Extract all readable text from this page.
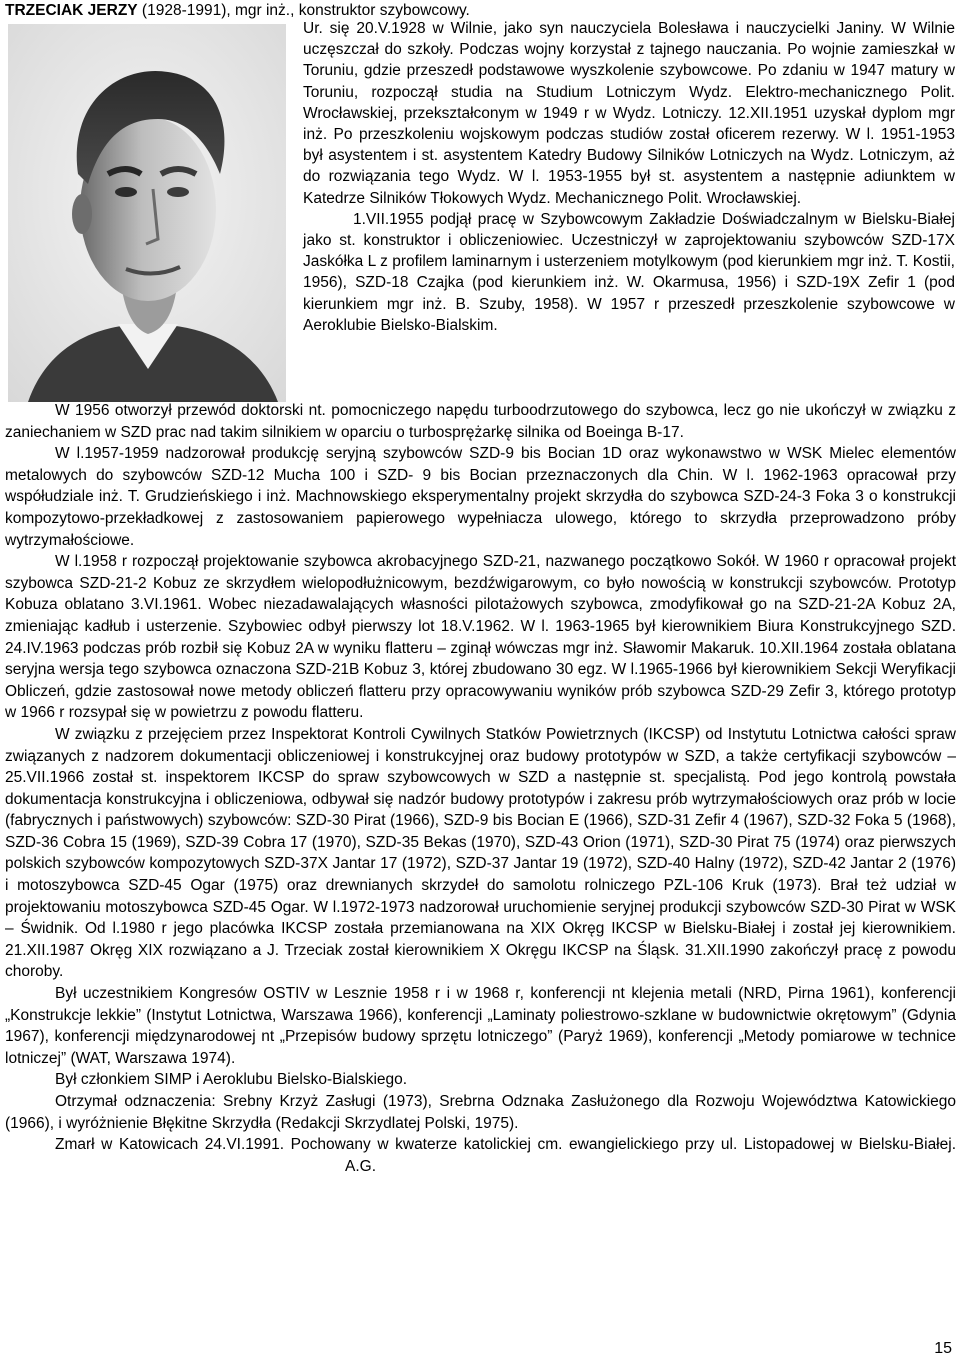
TRZECIAK JERZY (1928-1991), mgr inż., konstruktor szybowcowy.

Ur. się 20.V.1928 w Wilnie, jako syn nauczyciela Bolesława i nauczycielki Janiny. W Wilnie uczęszczał do szkoły. Podczas wojny korzystał z tajnego nauczania. Po wojnie zamieszkał w Toruniu, gdzie przeszedł podstawowe wyszkolenie szybowcowe. Po zdaniu w 1947 matury w Toruniu, rozpoczął studia na Studium Lotniczym Wydz. Elektro-mechanicznego Polit. Wrocławskiej, przekształconym w 1949 r w Wydz. Lotniczy. 12.XII.1951 uzyskał dyplom mgr inż. Po przeszkoleniu wojskowym podczas studiów został oficerem rezerwy. W l. 1951-1953 był asystentem i st. asystentem Katedry Budowy Silników Lotniczych na Wydz. Lotniczym, aż do rozwiązania tego Wydz. W l. 1953-1955 był st. asystentem a następnie adiunktem w Katedrze Silników Tłokowych Wydz. Mechanicznego Polit. Wrocławskiej.

1.VII.1955 podjął pracę w Szybowcowym Zakładzie Doświadczalnym w Bielsku-Białej jako st. konstruktor i obliczeniowiec. Uczestniczył w zaprojektowaniu szybowców SZD-17X Jaskółka L z profilem laminarnym i usterzeniem motylkowym (pod kierunkiem mgr inż. T. Kostii, 1956), SZD-18 Czajka (pod kierunkiem inż. W. Okarmusa, 1956) i SZD-19X Zefir 1 (pod kierunkiem mgr inż. B. Szuby, 1958). W 1957 r przeszedł przeszkolenie szybowcowe w Aeroklubie Bielsko-Bialskim.

W 1956 otworzył przewód doktorski nt. pomocniczego napędu turboodrzutowego do szybowca, lecz go nie ukończył w związku z zaniechaniem w SZD prac nad takim silnikiem w oparciu o turbosprężarkę silnika od Boeinga B-17.

W l.1957-1959 nadzorował produkcję seryjną szybowców SZD-9 bis Bocian 1D oraz wykonawstwo w WSK Mielec elementów metalowych do szybowców SZD-12 Mucha 100 i SZD- 9 bis Bocian przeznaczonych dla Chin. W l. 1962-1963 opracował przy współudziale inż. T. Grudzieńskiego i inż. Machnowskiego eksperymentalny projekt skrzydła do szybowca SZD-24-3 Foka 3 o konstrukcji kompozytowo-przekładkowej z zastosowaniem papierowego wypełniacza ulowego, którego to skrzydła przeprowadzono próby wytrzymałościowe.

W l.1958 r rozpoczął projektowanie szybowca akrobacyjnego SZD-21, nazwanego początkowo Sokół. W 1960 r opracował projekt szybowca SZD-21-2 Kobuz ze skrzydłem wielopodłużnicowym, bezdźwigarowym, co było nowością w konstrukcji szybowców. Prototyp Kobuza oblatano 3.VI.1961. Wobec niezadawalających własności pilotażowych szybowca, zmodyfikował go na SZD-21-2A Kobuz 2A, zmieniając kadłub i usterzenie. Szybowiec odbył pierwszy lot 18.V.1962. W l. 1963-1965 był kierownikiem Biura Konstrukcyjnego SZD. 24.IV.1963 podczas prób rozbił się Kobuz 2A w wyniku flatteru – zginął wówczas mgr inż. Sławomir Makaruk. 10.XII.1964 została oblatana seryjna wersja tego szybowca oznaczona SZD-21B Kobuz 3, której zbudowano 30 egz. W l.1965-1966 był kierownikiem Sekcji Weryfikacji Obliczeń, gdzie zastosował nowe metody obliczeń flatteru przy opracowywaniu wyników prób szybowca SZD-29 Zefir 3, którego prototyp w 1966 r rozsypał się w powietrzu z powodu flatteru.

W związku z przejęciem przez Inspektorat Kontroli Cywilnych Statków Powietrznych (IKCSP) od Instytutu Lotnictwa całości spraw związanych z nadzorem dokumentacji obliczeniowej i konstrukcyjnej oraz budowy prototypów w SZD, a także certyfikacji szybowców – 25.VII.1966 został st. inspektorem IKCSP do spraw szybowcowych w SZD a następnie st. specjalistą. Pod jego kontrolą powstała dokumentacja konstrukcyjna i obliczeniowa, odbywał się nadzór budowy prototypów i zakresu prób wytrzymałościowych oraz prób w locie (fabrycznych i państwowych) szybowców: SZD-30 Pirat (1966), SZD-9 bis Bocian E (1966), SZD-31 Zefir 4 (1967), SZD-32 Foka 5 (1968), SZD-36 Cobra 15 (1969), SZD-39 Cobra 17 (1970), SZD-35 Bekas (1970), SZD-43 Orion (1971), SZD-30 Pirat 75 (1974) oraz pierwszych polskich szybowców kompozytowych SZD-37X Jantar 17 (1972), SZD-37 Jantar 19 (1972), SZD-40 Halny (1972), SZD-42 Jantar 2 (1976) i motoszybowca SZD-45 Ogar (1975) oraz drewnianych skrzydeł do samolotu rolniczego PZL-106 Kruk (1973). Brał też udział w projektowaniu motoszybowca SZD-45 Ogar. W l.1972-1973 nadzorował uruchomienie seryjnej produkcji szybowców SZD-30 Pirat w WSK – Świdnik. Od l.1980 r jego placówka IKCSP została przemianowana na XIX Okręg IKCSP w Bielsku-Białej i został jej kierownikiem. 21.XII.1987 Okręg XIX rozwiązano a J. Trzeciak został kierownikiem X Okręgu IKCSP na Śląsk. 31.XII.1990 zakończył pracę z powodu choroby.

Był uczestnikiem Kongresów OSTIV w Lesznie 1958 r i w 1968 r, konferencji nt klejenia metali (NRD, Pirna 1961), konferencji „Konstrukcje lekkie” (Instytut Lotnictwa, Warszawa 1966), konferencji „Laminaty poliestrowo-szklane w budownictwie okrętowym” (Gdynia 1967), konferencji międzynarodowej nt „Przepisów budowy sprzętu lotniczego” (Paryż 1969), konferencji „Metody pomiarowe w technice lotniczej” (WAT, Warszawa 1974).

Był członkiem SIMP i Aeroklubu Bielsko-Bialskiego.

Otrzymał odznaczenia: Srebny Krzyż Zasługi (1973), Srebrna Odznaka Zasłużonego dla Rozwoju Województwa Katowickiego (1966), i wyróżnienie Błękitne Skrzydła (Redakcji Skrzydlatej Polski, 1975).

Zmarł w Katowicach 24.VI.1991. Pochowany w kwaterze katolickiej cm. ewangielickiego przy ul. Listopadowej w Bielsku-Białej.A.G.

15
